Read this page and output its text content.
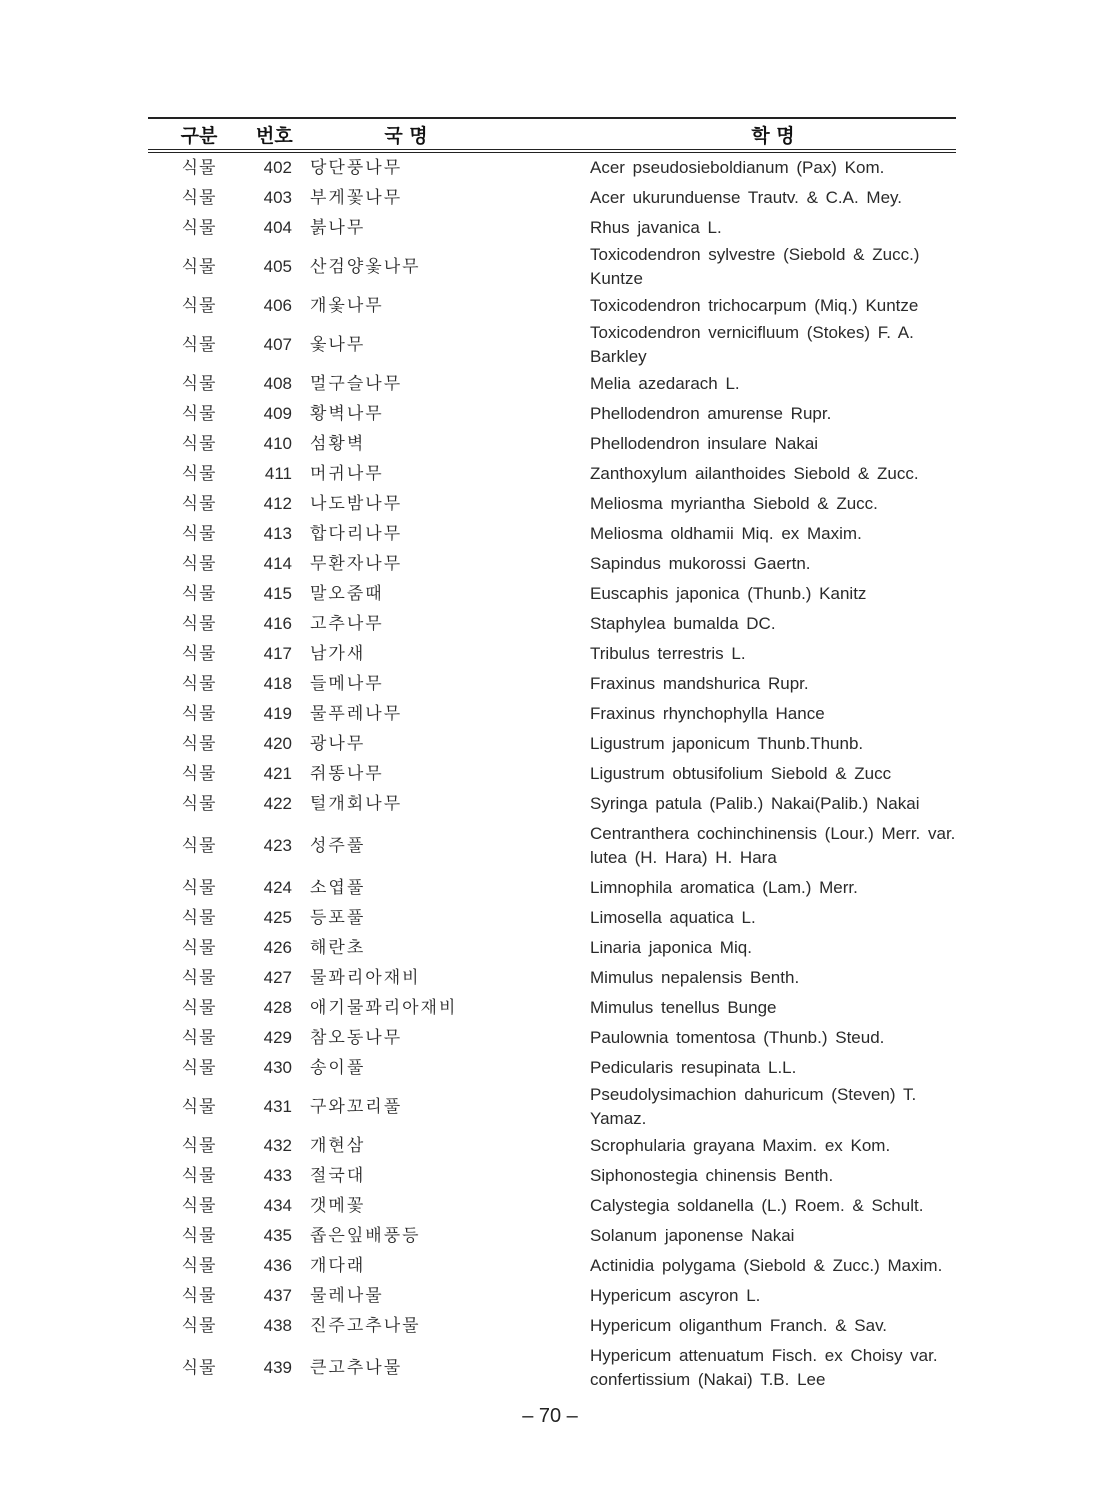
구분	번호	국 명	학 명
식물	402	당단풍나무	Acer pseudosieboldianum (Pax) Kom.
식물	403	부게꽃나무	Acer ukurunduense Trautv. & C.A. Mey.
식물	404	붉나무	Rhus javanica L.
식물	405	산검양옻나무	Toxicodendron sylvestre (Siebold & Zucc.) Kuntze
식물	406	개옻나무	Toxicodendron trichocarpum (Miq.) Kuntze
식물	407	옻나무	Toxicodendron vernicifluum (Stokes) F. A. Barkley
식물	408	멀구슬나무	Melia azedarach L.
식물	409	황벽나무	Phellodendron amurense Rupr.
식물	410	섬황벽	Phellodendron insulare Nakai
식물	411	머귀나무	Zanthoxylum ailanthoides Siebold & Zucc.
식물	412	나도밤나무	Meliosma myriantha Siebold & Zucc.
식물	413	합다리나무	Meliosma oldhamii Miq. ex Maxim.
식물	414	무환자나무	Sapindus mukorossi Gaertn.
식물	415	말오줌때	Euscaphis japonica (Thunb.) Kanitz
식물	416	고추나무	Staphylea bumalda DC.
식물	417	남가새	Tribulus terrestris L.
식물	418	들메나무	Fraxinus mandshurica Rupr.
식물	419	물푸레나무	Fraxinus rhynchophylla Hance
식물	420	광나무	Ligustrum japonicum Thunb.Thunb.
식물	421	쥐똥나무	Ligustrum obtusifolium Siebold & Zucc
식물	422	털개회나무	Syringa patula (Palib.) Nakai(Palib.) Nakai
식물	423	성주풀	Centranthera cochinchinensis (Lour.) Merr. var. lutea (H. Hara) H. Hara
식물	424	소엽풀	Limnophila aromatica (Lam.) Merr.
식물	425	등포풀	Limosella aquatica L.
식물	426	해란초	Linaria japonica Miq.
식물	427	물꽈리아재비	Mimulus nepalensis Benth.
식물	428	애기물꽈리아재비	Mimulus tenellus Bunge
식물	429	참오동나무	Paulownia tomentosa (Thunb.) Steud.
식물	430	송이풀	Pedicularis resupinata L.L.
식물	431	구와꼬리풀	Pseudolysimachion dahuricum (Steven) T. Yamaz.
식물	432	개현삼	Scrophularia grayana Maxim. ex Kom.
식물	433	절국대	Siphonostegia chinensis Benth.
식물	434	갯메꽃	Calystegia soldanella (L.) Roem. & Schult.
식물	435	좁은잎배풍등	Solanum japonense Nakai
식물	436	개다래	Actinidia polygama (Siebold & Zucc.) Maxim.
식물	437	물레나물	Hypericum ascyron L.
식물	438	진주고추나물	Hypericum oliganthum Franch. & Sav.
식물	439	큰고추나물	Hypericum attenuatum Fisch. ex Choisy var. confertissium (Nakai) T.B. Lee
– 70 –
